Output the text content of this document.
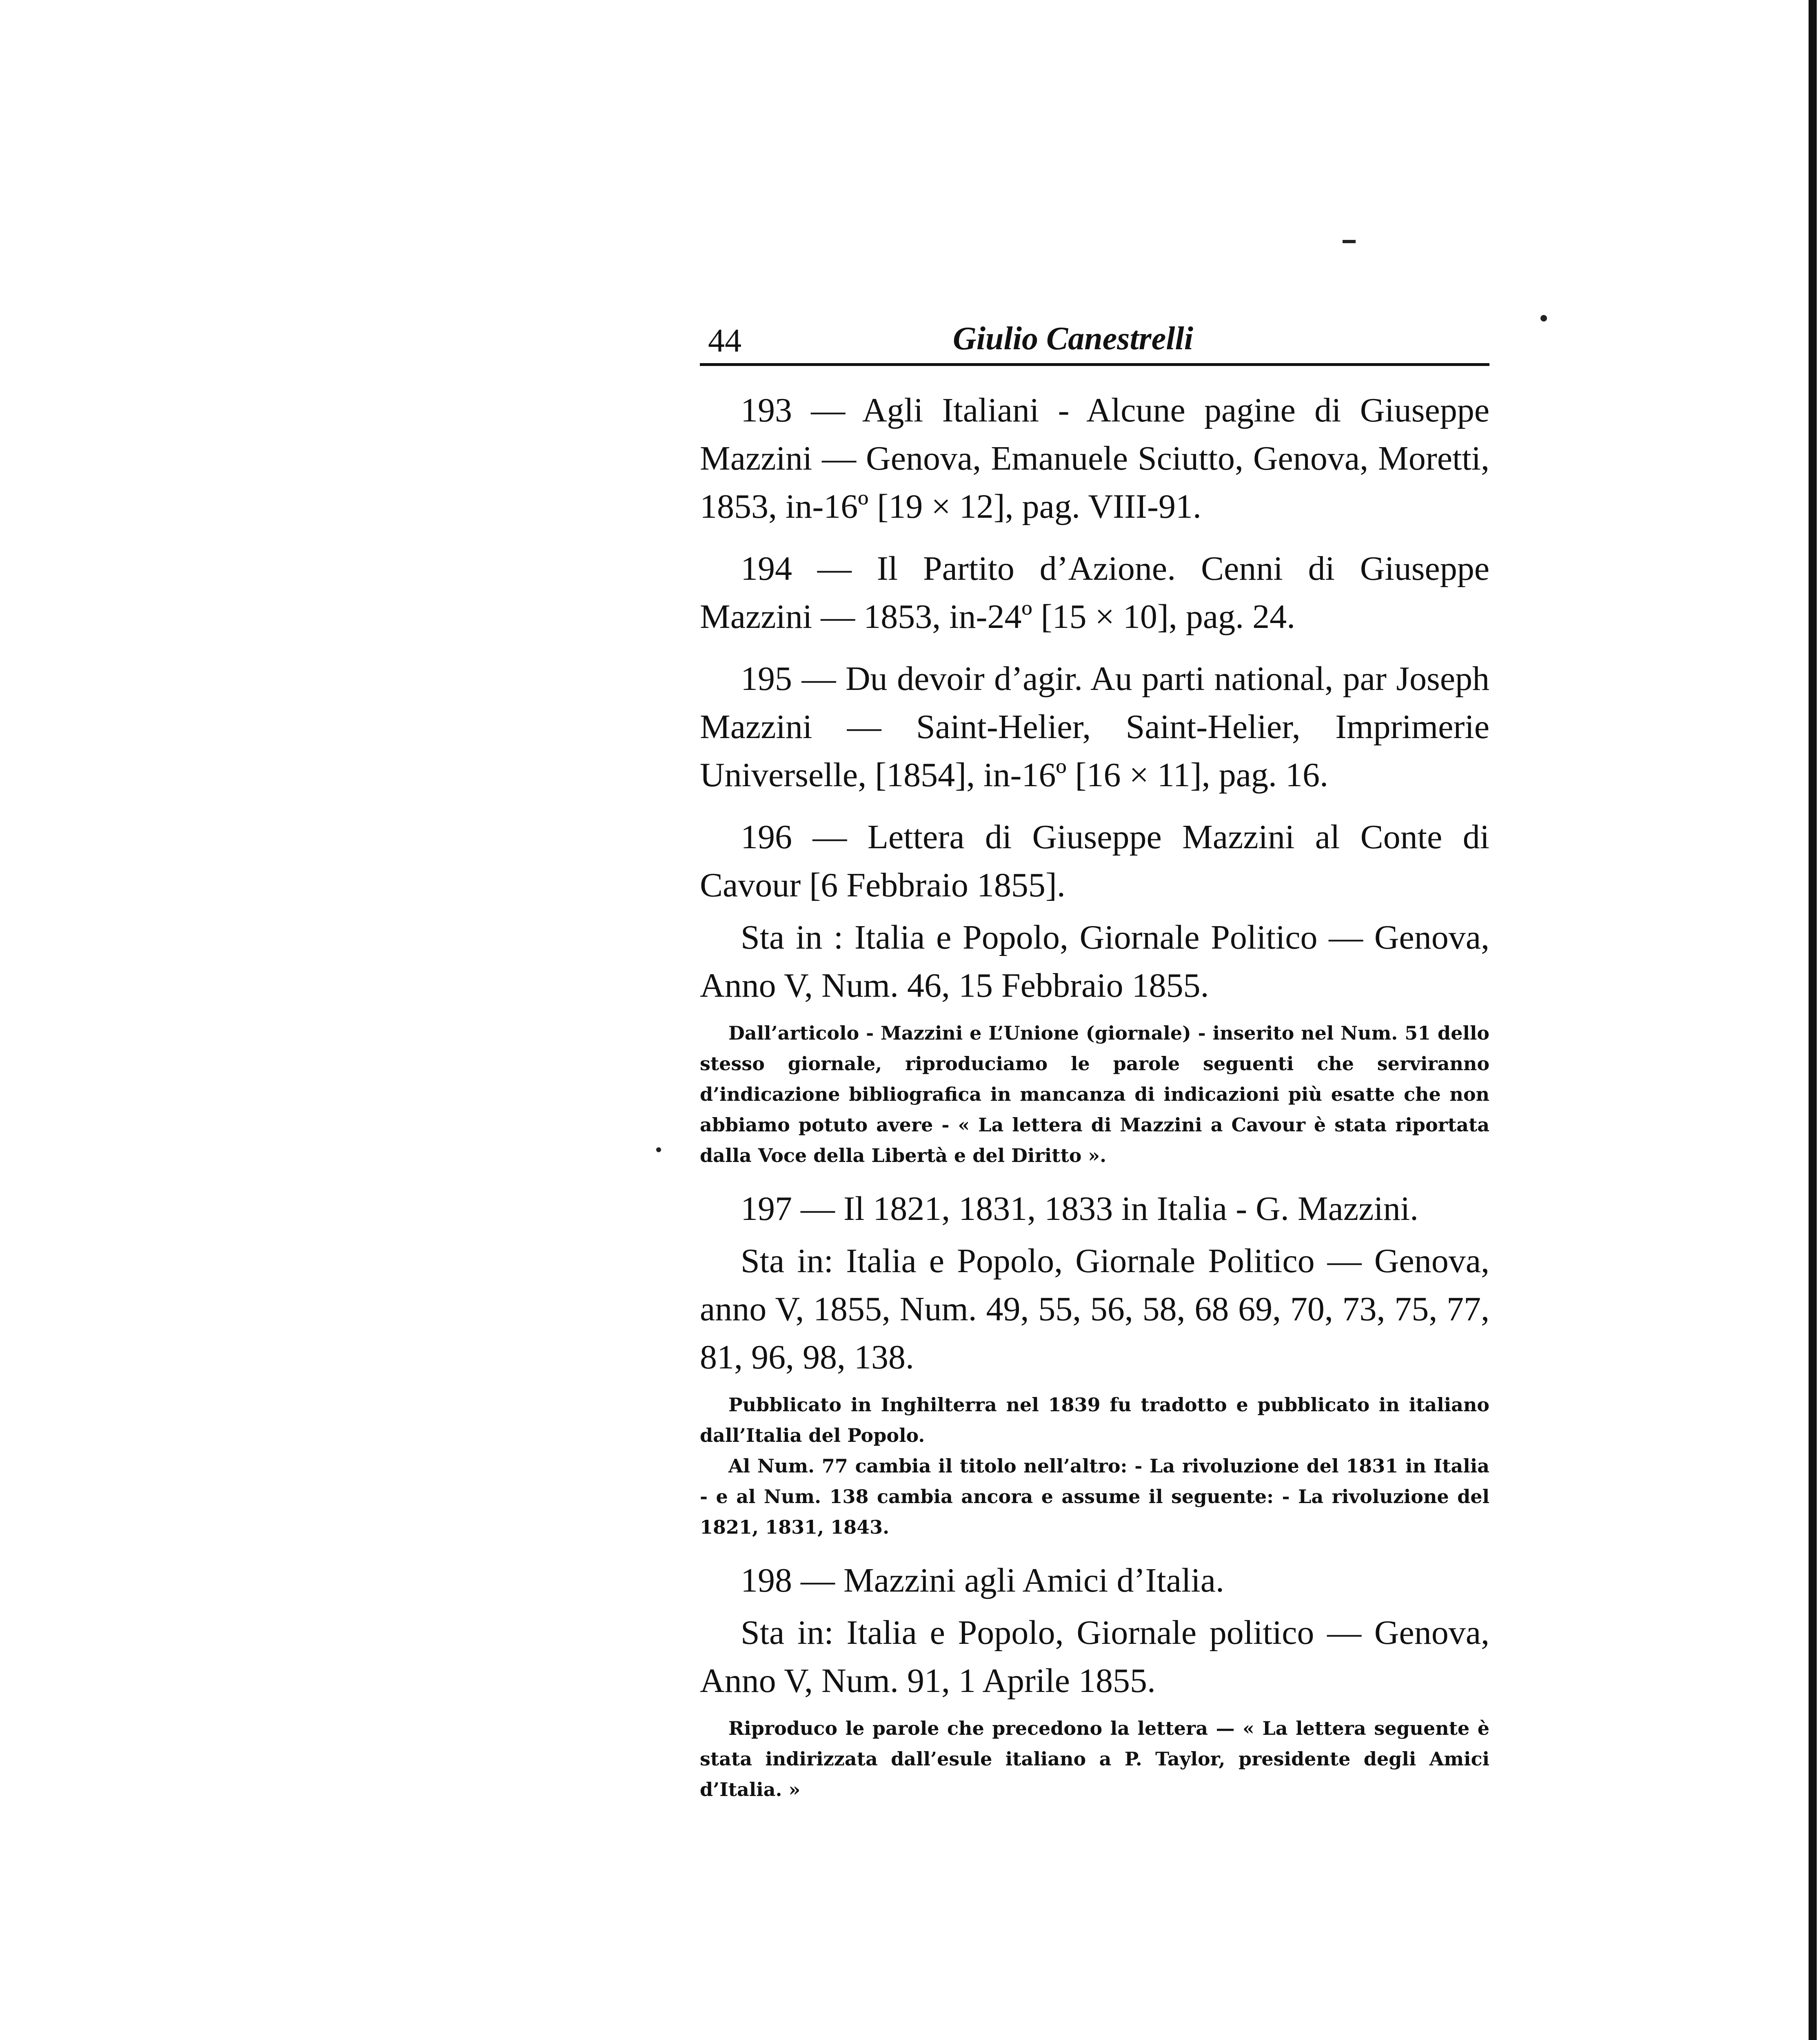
44	Giulio Canestrelli

193 — Agli Italiani - Alcune pagine di Giuseppe Mazzini — Genova, Emanuele Sciutto, Genova, Moretti, 1853, in-16º [19 × 12], pag. VIII-91.

194 — Il Partito d’Azione. Cenni di Giuseppe Mazzini — 1853, in-24º [15 × 10], pag. 24.

195 — Du devoir d’agir. Au parti national, par Joseph Mazzini — Saint-Helier, Saint-Helier, Imprimerie Universelle, [1854], in-16º [16 × 11], pag. 16.

196 — Lettera di Giuseppe Mazzini al Conte di Cavour [6 Febbraio 1855].

Sta in : Italia e Popolo, Giornale Politico — Genova, Anno V, Num. 46, 15 Febbraio 1855.

Dall’articolo - Mazzini e L’Unione (giornale) - inserito nel Num. 51 dello stesso giornale, riproduciamo le parole seguenti che serviranno d’indicazione bibliografica in mancanza di indicazioni più esatte che non abbiamo potuto avere - « La lettera di Mazzini a Cavour è stata riportata dalla Voce della Libertà e del Diritto ».

197 — Il 1821, 1831, 1833 in Italia - G. Mazzini.

Sta in: Italia e Popolo, Giornale Politico — Genova, anno V, 1855, Num. 49, 55, 56, 58, 68 69, 70, 73, 75, 77, 81, 96, 98, 138.

Pubblicato in Inghilterra nel 1839 fu tradotto e pubblicato in italiano dall’Italia del Popolo.

Al Num. 77 cambia il titolo nell’altro: - La rivoluzione del 1831 in Italia - e al Num. 138 cambia ancora e assume il seguente: - La rivoluzione del 1821, 1831, 1843.

198 — Mazzini agli Amici d’Italia.

Sta in: Italia e Popolo, Giornale politico — Genova, Anno V, Num. 91, 1 Aprile 1855.

Riproduco le parole che precedono la lettera — « La lettera seguente è stata indirizzata dall’esule italiano a P. Taylor, presidente degli Amici d’Italia. »
